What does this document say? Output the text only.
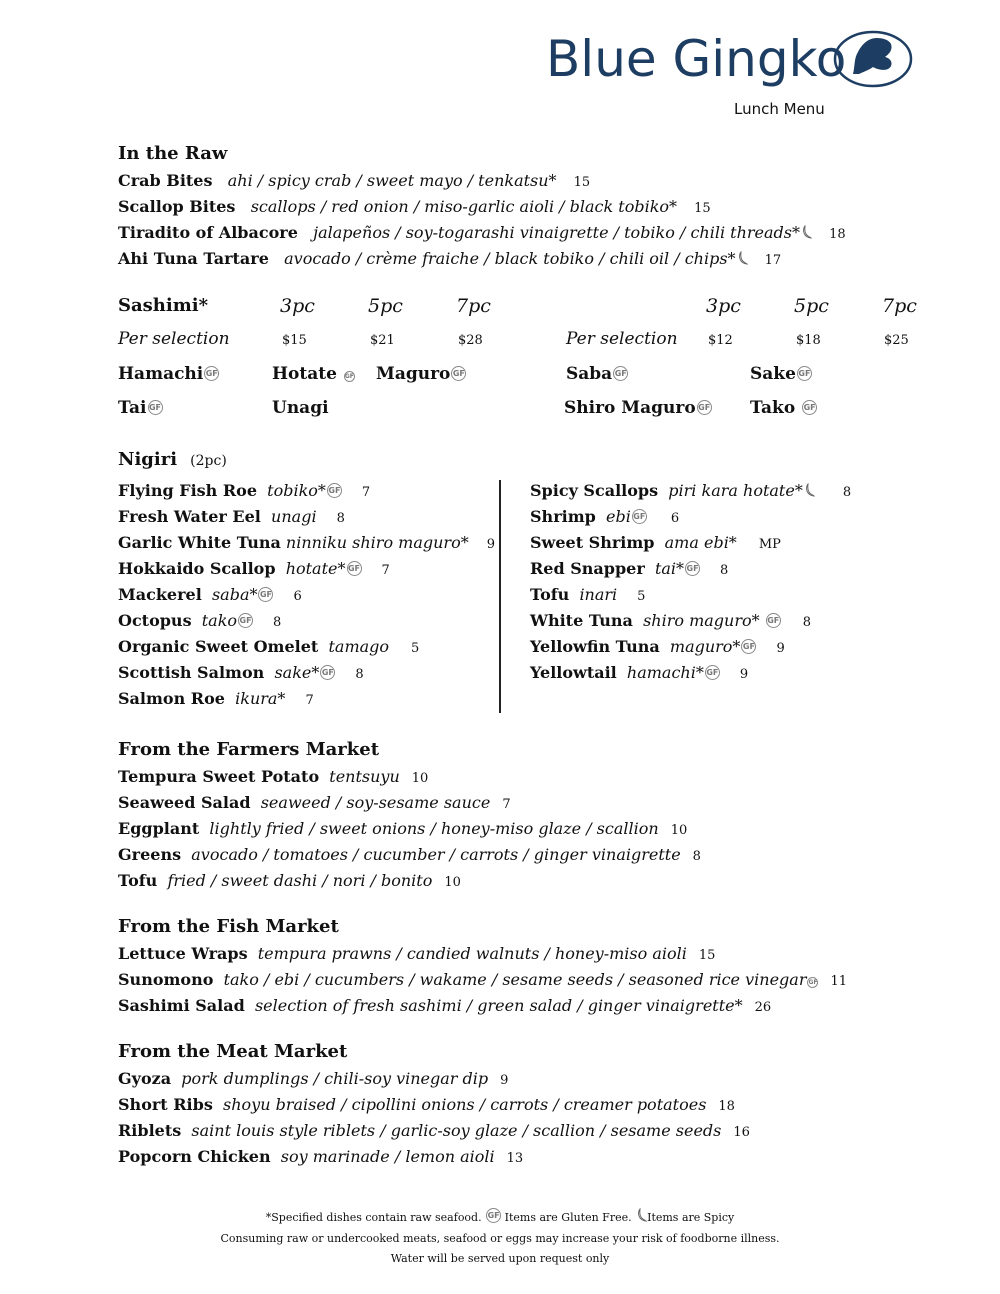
Blue Gingko
Lunch Menu
In the Raw
Crab Bites ahi / spicy crab / sweet mayo / tenkatsu* 15
Scallop Bites scallops / red onion / miso-garlic aioli / black tobiko* 15
Tiradito of Albacore jalapeños / soy-togarashi vinaigrette / tobiko / chili threads* 18
Ahi Tuna Tartare avocado / crème fraiche / black tobiko / chili oil / chips* 17
Sashimi*	3pc	5pc	7pc	3pc	5pc	7pc
Per selection	$15	$21	$28	Per selection $12	$18	$25
Hamachi GF	Hotate GF Maguro GF	Saba GF	Sake GF
Tai GF	Unagi	Shiro Maguro GF Tako GF
Nigiri (2pc)
Flying Fish Roe tobiko* GF 7
Fresh Water Eel unagi 8
Garlic White Tuna ninniku shiro maguro* 9
Hokkaido Scallop hotate* GF 7
Mackerel saba* GF 6
Octopus tako GF 8
Organic Sweet Omelet tamago 5
Scottish Salmon sake* GF 8
Salmon Roe ikura* 7
Spicy Scallops piri kara hotate*	8
Shrimp ebi GF 6
Sweet Shrimp ama ebi* MP
Red Snapper tai* GF 8
Tofu inari 5
White Tuna shiro maguro* GF 8
Yellowfin Tuna maguro* GF 9
Yellowtail hamachi* GF 9
From the Farmers Market
Tempura Sweet Potato tentsuyu 10
Seaweed Salad seaweed / soy-sesame sauce 7
Eggplant lightly fried / sweet onions / honey-miso glaze / scallion 10
Greens avocado / tomatoes / cucumber / carrots / ginger vinaigrette 8
Tofu fried / sweet dashi / nori / bonito 10
From the Fish Market
Lettuce Wraps tempura prawns / candied walnuts / honey-miso aioli 15
Sunomono tako / ebi / cucumbers / wakame / sesame seeds / seasoned rice vinegar GF 11
Sashimi Salad selection of fresh sashimi / green salad / ginger vinaigrette* 26
From the Meat Market
Gyoza pork dumplings / chili-soy vinegar dip 9
Short Ribs shoyu braised / cipollini onions / carrots / creamer potatoes 18
Riblets saint louis style riblets / garlic-soy glaze / scallion / sesame seeds 16
Popcorn Chicken soy marinade / lemon aioli 13
*Specified dishes contain raw seafood. GF Items are Gluten Free. Items are Spicy
Consuming raw or undercooked meats, seafood or eggs may increase your risk of foodborne illness.
Water will be served upon request only
